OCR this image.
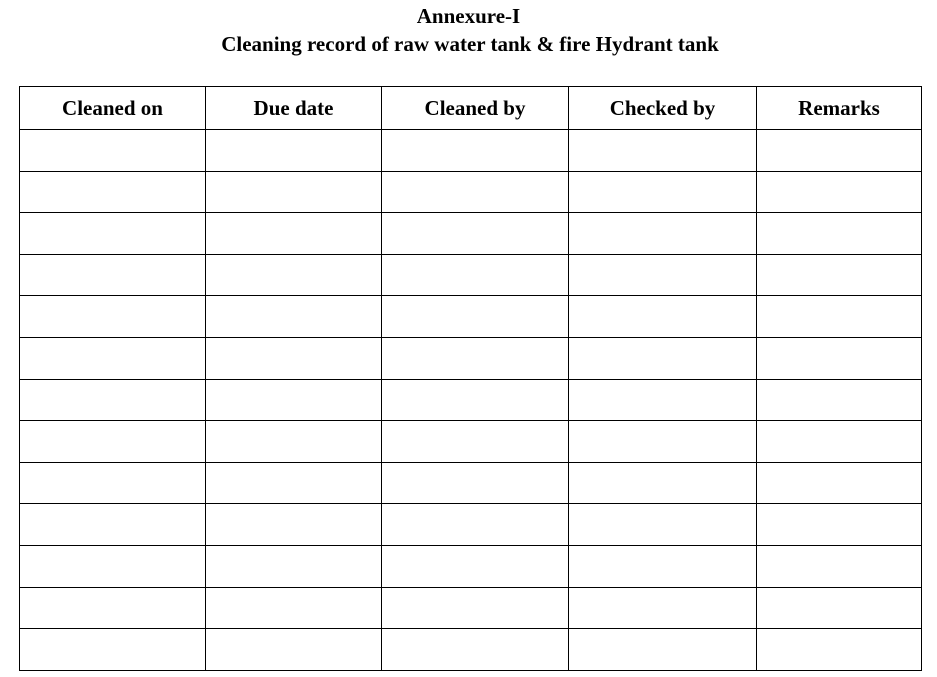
Annexure-I
Cleaning record of raw water tank & fire Hydrant tank
Cleaned on	Due date	Cleaned by	Checked by	Remarks
